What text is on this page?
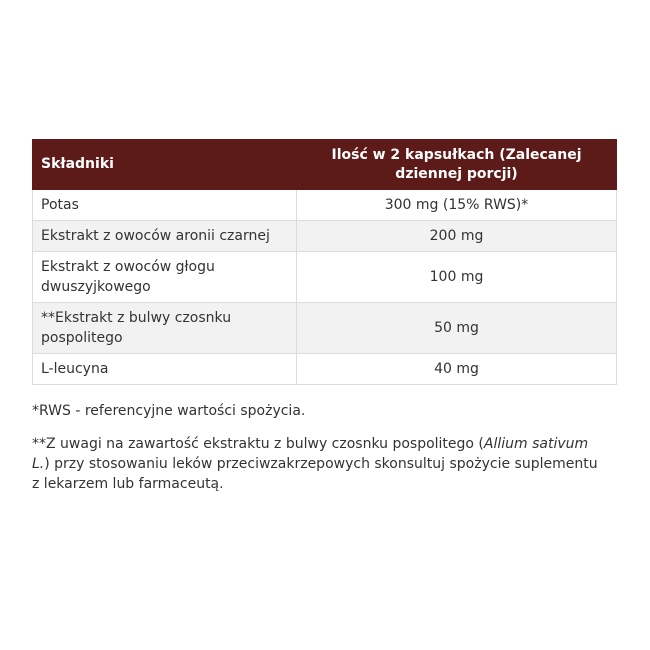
Składniki	Ilość w 2 kapsułkach (Zalecanej dziennej porcji)
Potas	300 mg (15% RWS)*
Ekstrakt z owoców aronii czarnej	200 mg
Ekstrakt z owoców głogu dwuszyjkowego	100 mg
**Ekstrakt z bulwy czosnku pospolitego	50 mg
L-leucyna	40 mg

*RWS - referencyjne wartości spożycia.

**Z uwagi na zawartość ekstraktu z bulwy czosnku pospolitego (Allium sativum L.) przy stosowaniu leków przeciwzakrzepowych skonsultuj spożycie suplementu z lekarzem lub farmaceutą.
